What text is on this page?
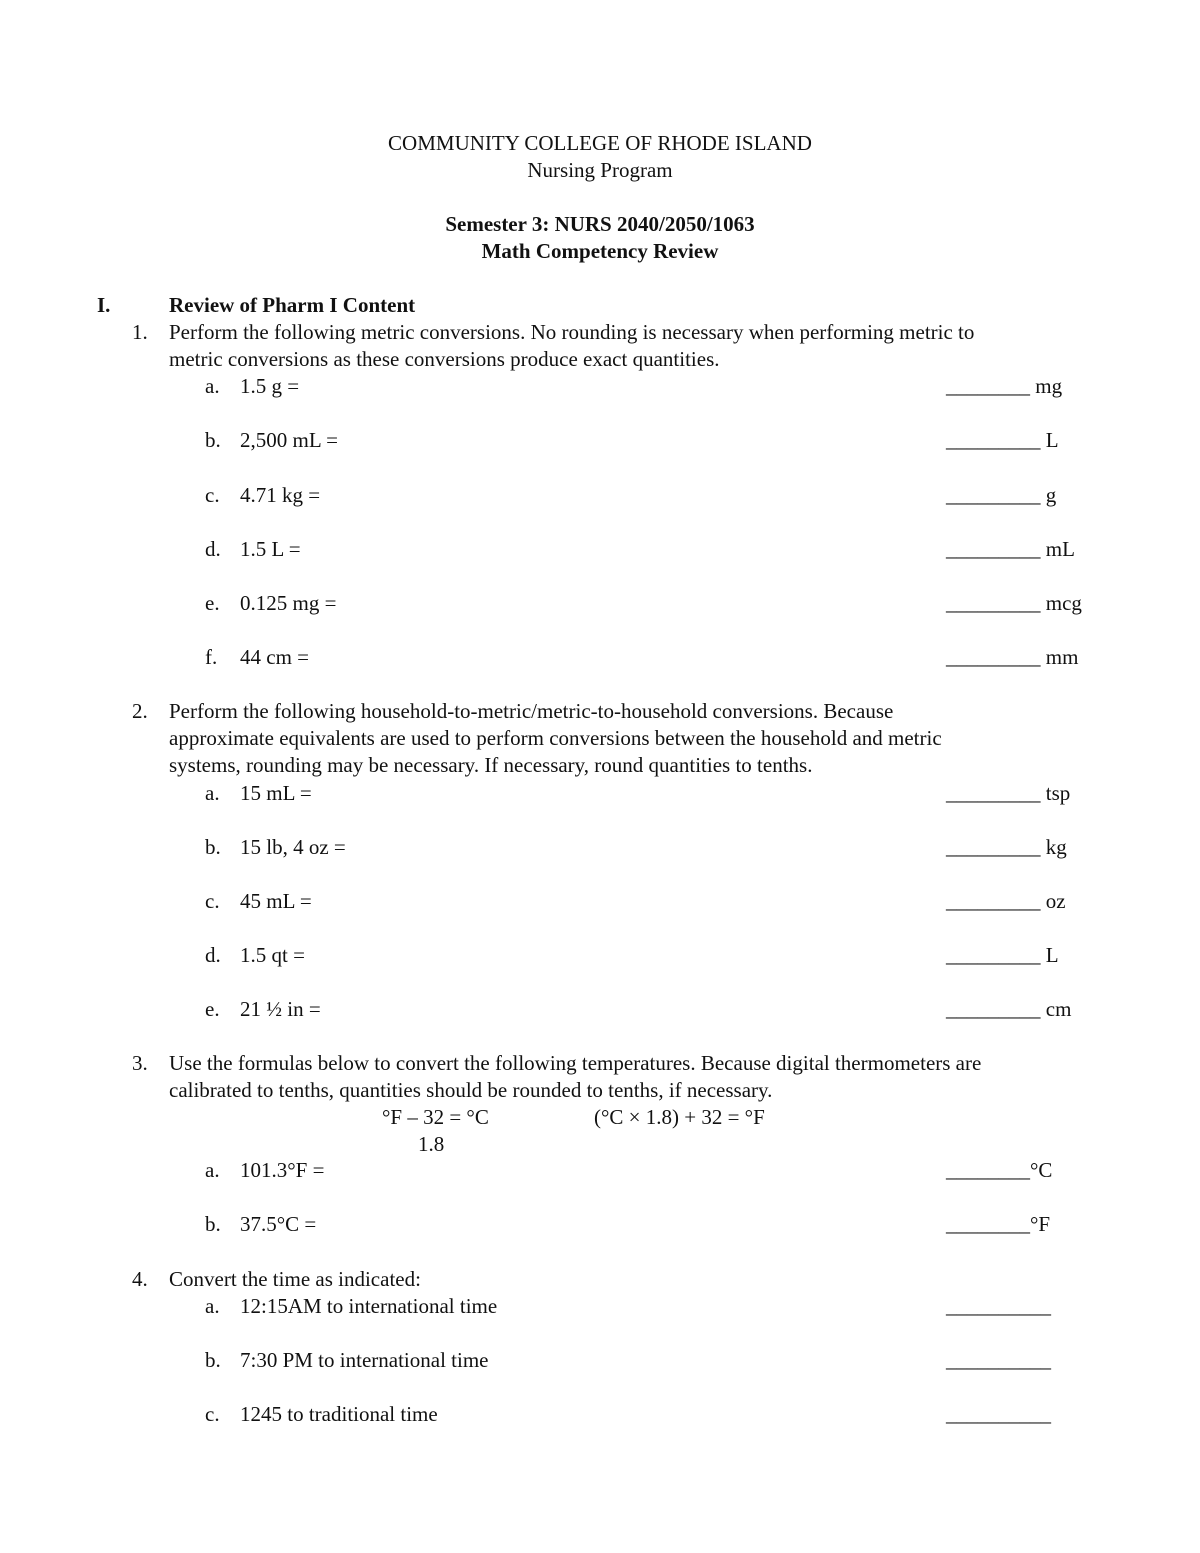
COMMUNITY COLLEGE OF RHODE ISLAND
Nursing Program
Semester 3: NURS 2040/2050/1063
Math Competency Review
I.	Review of Pharm I Content
1. Perform the following metric conversions. No rounding is necessary when performing metric to
metric conversions as these conversions produce exact quantities.
a. 1.5 g =	________ mg
b. 2,500 mL =	_________ L
c. 4.71 kg =	_________ g
d. 1.5 L =	_________ mL
e. 0.125 mg =	_________ mcg
f. 44 cm =	_________ mm
2. Perform the following household-to-metric/metric-to-household conversions. Because
approximate equivalents are used to perform conversions between the household and metric
systems, rounding may be necessary. If necessary, round quantities to tenths.
a. 15 mL =	_________ tsp
b. 15 lb, 4 oz =	_________ kg
c. 45 mL =	_________ oz
d. 1.5 qt =	_________ L
e. 21 ½ in =	_________ cm
3. Use the formulas below to convert the following temperatures. Because digital thermometers are
calibrated to tenths, quantities should be rounded to tenths, if necessary.
°F – 32 = °C	(°C × 1.8) + 32 = °F
1.8
a. 101.3°F =	________°C
b. 37.5°C =	________°F
4. Convert the time as indicated:
a. 12:15AM to international time	__________
b. 7:30 PM to international time	__________
c. 1245 to traditional time	__________
